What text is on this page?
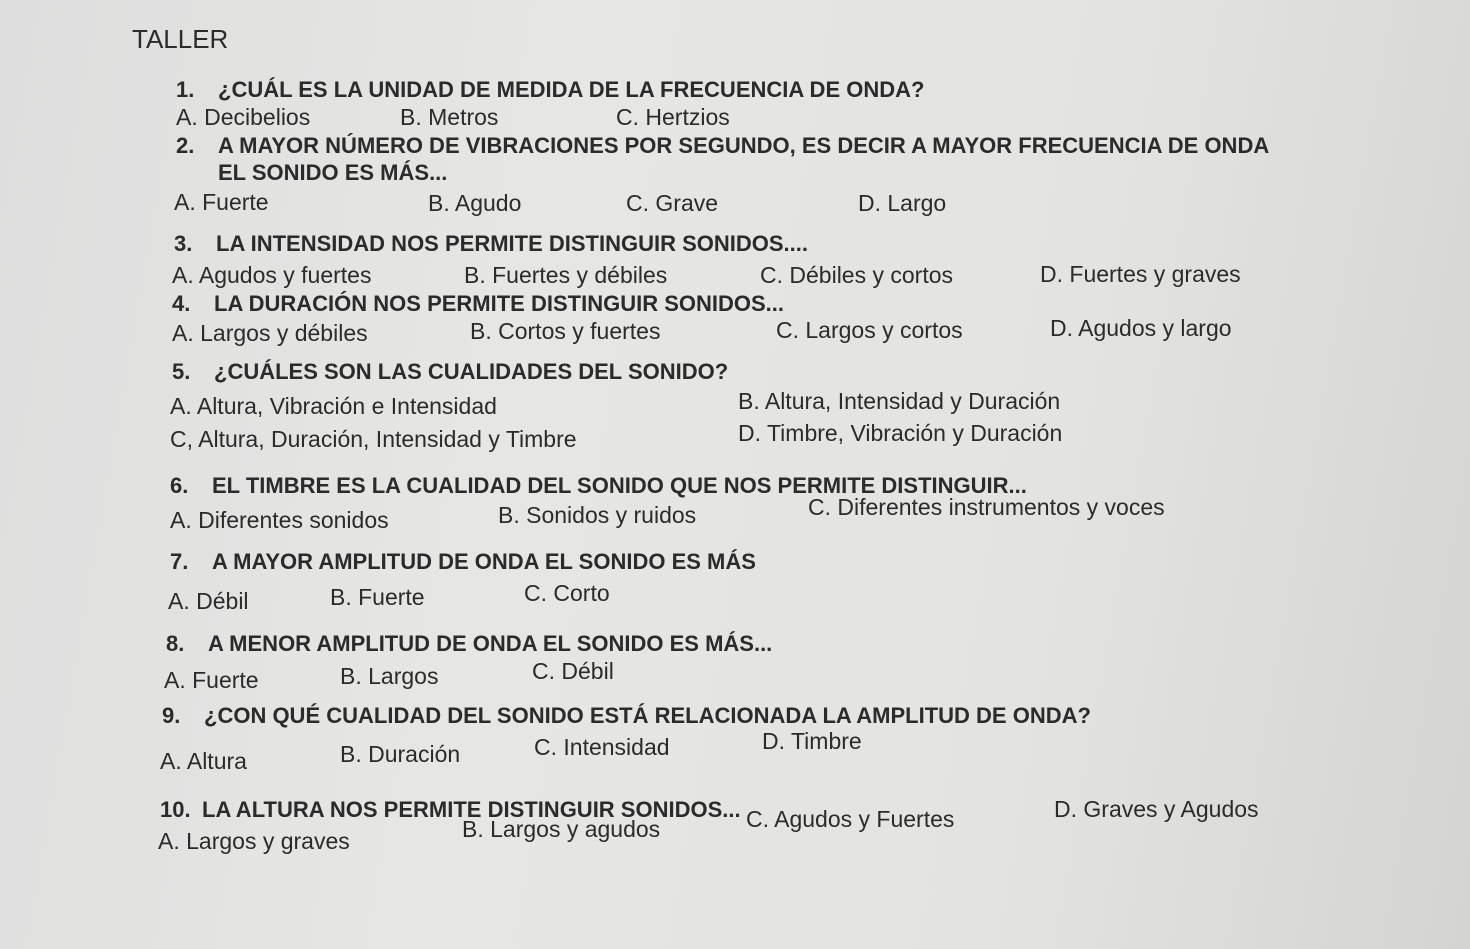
TALLER
1. ¿CUÁL ES LA UNIDAD DE MEDIDA DE LA FRECUENCIA DE ONDA?
A. Decibelios	B. Metros	C. Hertzios
2. A MAYOR NÚMERO DE VIBRACIONES POR SEGUNDO, ES DECIR A MAYOR FRECUENCIA DE ONDA
EL SONIDO ES MÁS...
A. Fuerte	B. Agudo	C. Grave	D. Largo
3. LA INTENSIDAD NOS PERMITE DISTINGUIR SONIDOS....
A. Agudos y fuertes	B. Fuertes y débiles	C. Débiles y cortos	D. Fuertes y graves
4. LA DURACIÓN NOS PERMITE DISTINGUIR SONIDOS...
A. Largos y débiles	B. Cortos y fuertes	C. Largos y cortos	D. Agudos y largo
5. ¿CUÁLES SON LAS CUALIDADES DEL SONIDO?
A. Altura, Vibración e Intensidad	B. Altura, Intensidad y Duración
C, Altura, Duración, Intensidad y Timbre	D. Timbre, Vibración y Duración
6. EL TIMBRE ES LA CUALIDAD DEL SONIDO QUE NOS PERMITE DISTINGUIR...
A. Diferentes sonidos	B. Sonidos y ruidos	C. Diferentes instrumentos y voces
7. A MAYOR AMPLITUD DE ONDA EL SONIDO ES MÁS
A. Débil	B. Fuerte	C. Corto
8. A MENOR AMPLITUD DE ONDA EL SONIDO ES MÁS...
A. Fuerte	B. Largos	C. Débil
9. ¿CON QUÉ CUALIDAD DEL SONIDO ESTÁ RELACIONADA LA AMPLITUD DE ONDA?
A. Altura	B. Duración	C. Intensidad	D. Timbre
10. LA ALTURA NOS PERMITE DISTINGUIR SONIDOS...
A. Largos y graves	B. Largos y agudos	C. Agudos y Fuertes	D. Graves y Agudos
